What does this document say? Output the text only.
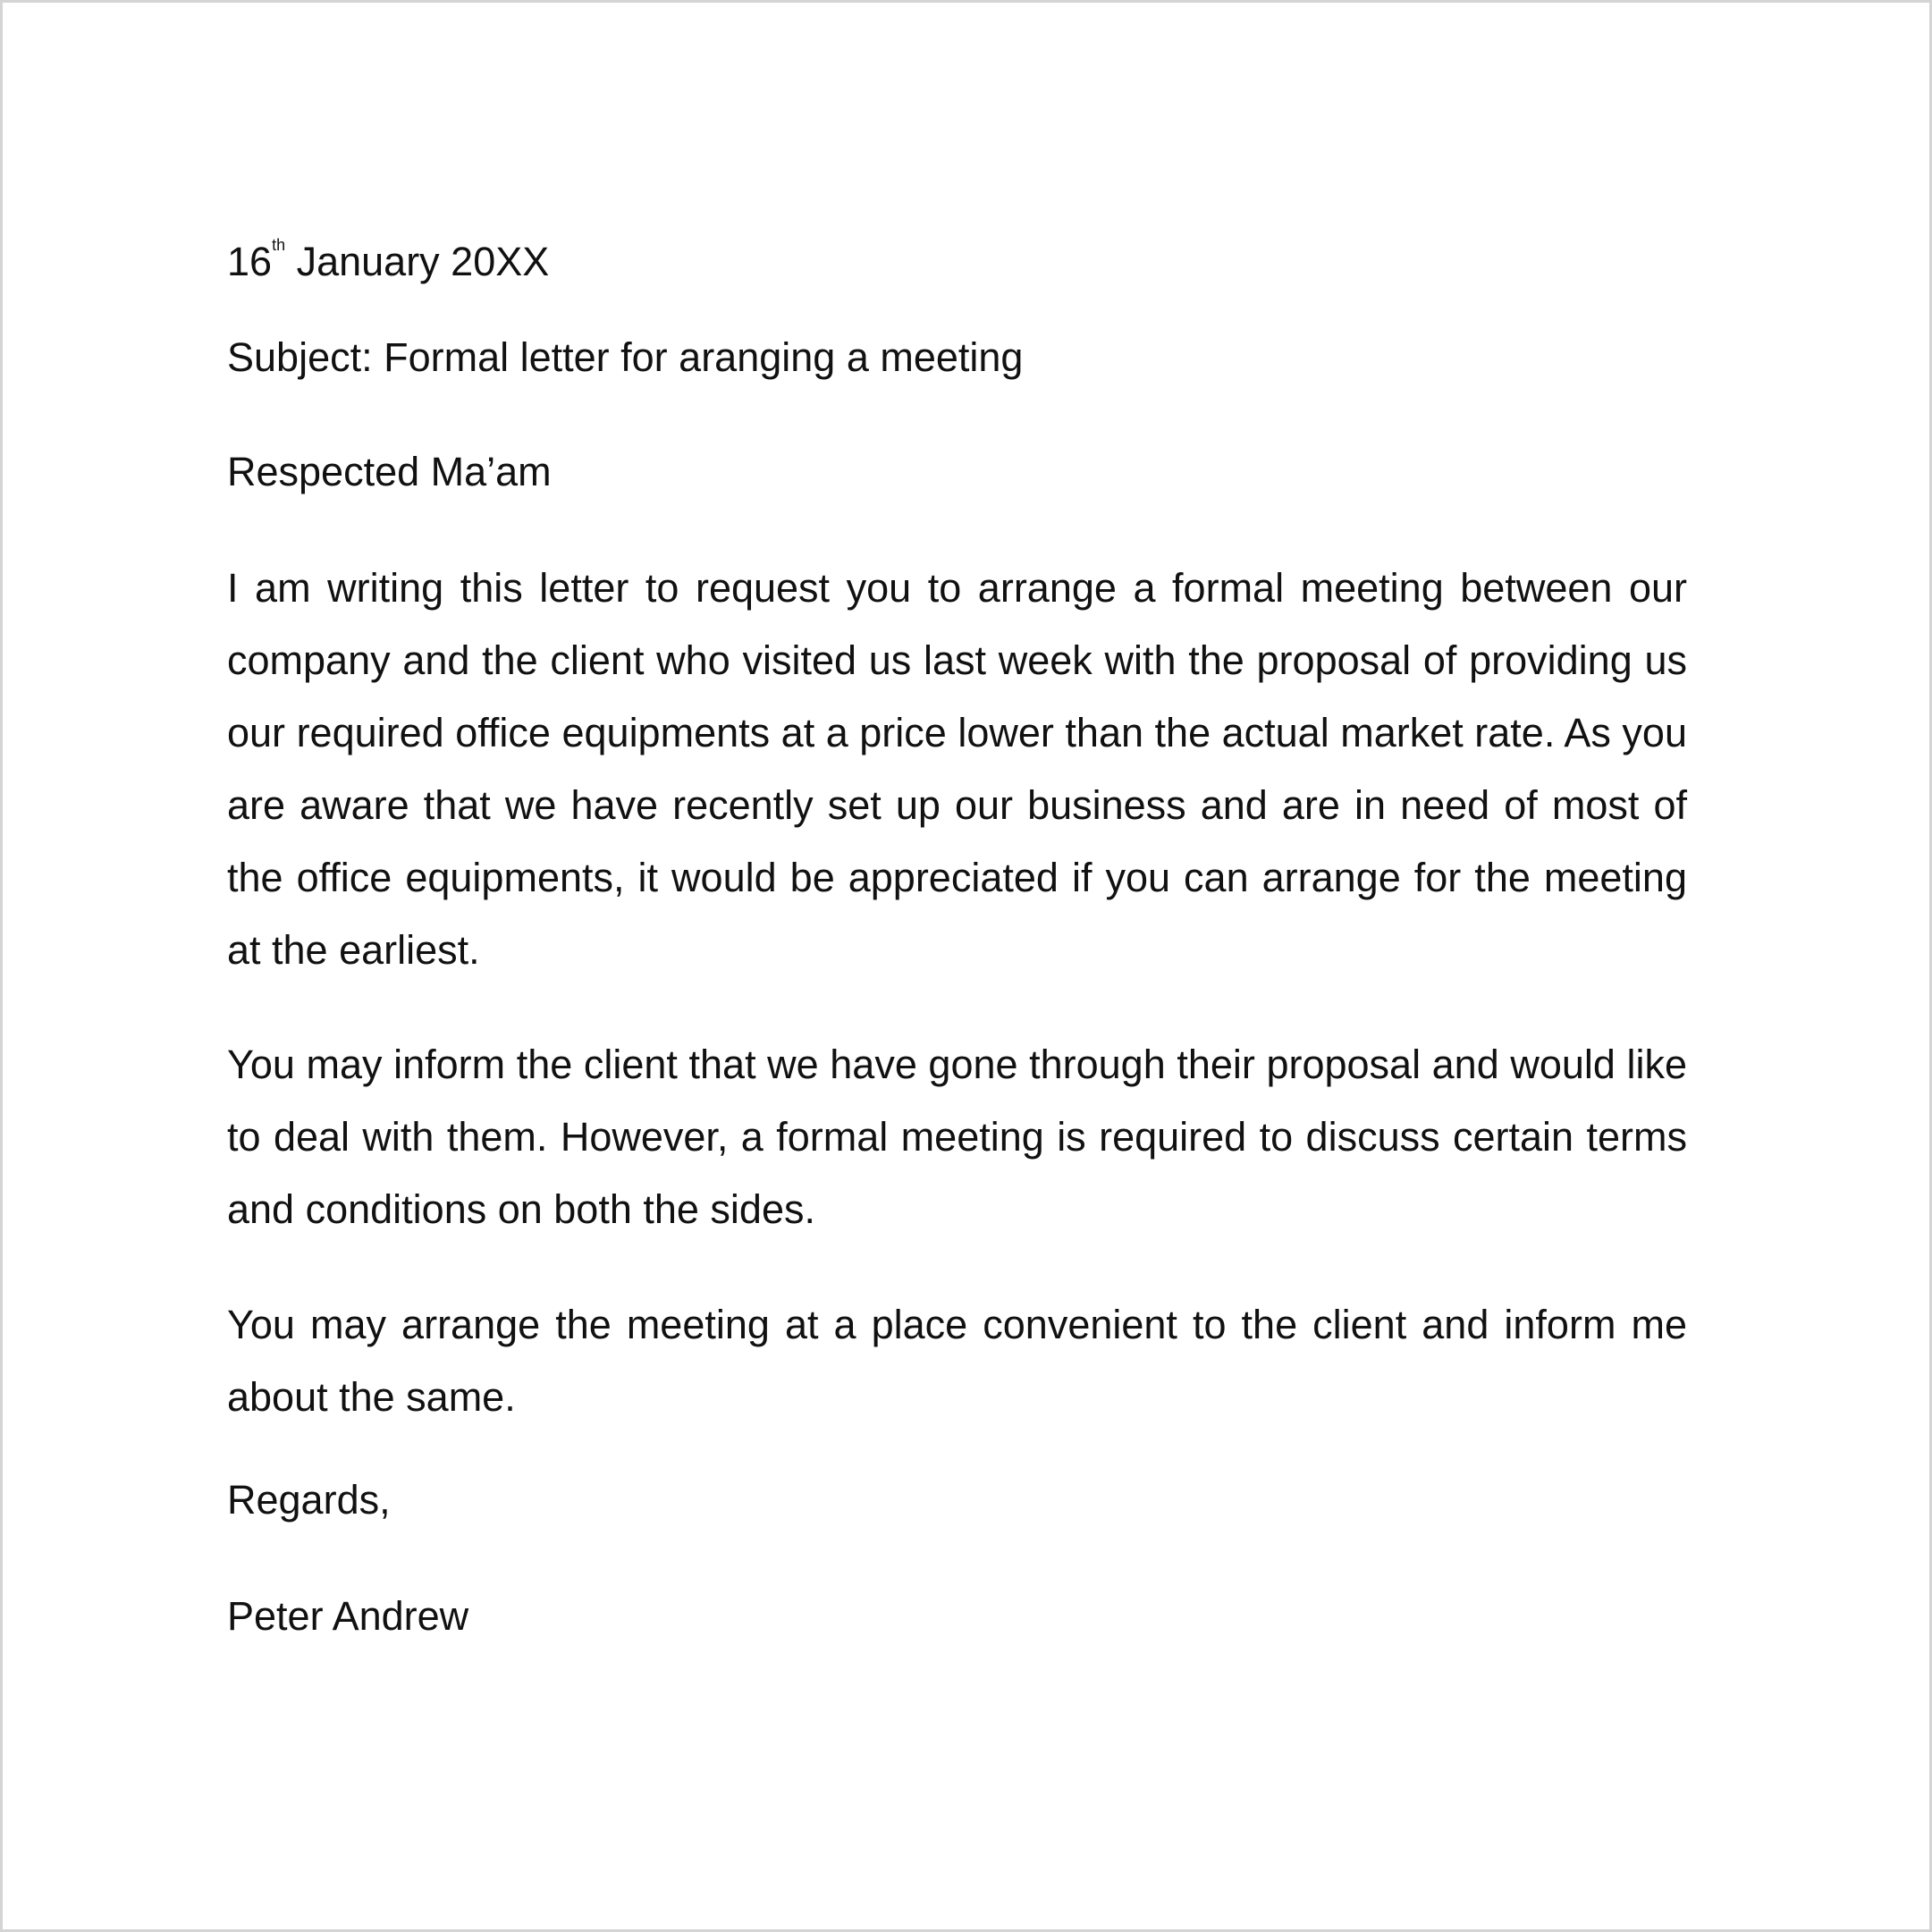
16th January 20XX
Subject: Formal letter for aranging a meeting
Respected Ma’am
I am writing this letter to request you to arrange a formal meeting between our company and the client who visited us last week with the proposal of providing us our required office equipments at a price lower than the actual market rate. As you are aware that we have recently set up our business and are in need of most of the office equipments, it would be appreciated if you can arrange for the meeting at the earliest.
You may inform the client that we have gone through their proposal and would like to deal with them. However, a formal meeting is required to discuss certain terms and conditions on both the sides.
You may arrange the meeting at a place convenient to the client and inform me about the same.
Regards,
Peter Andrew
